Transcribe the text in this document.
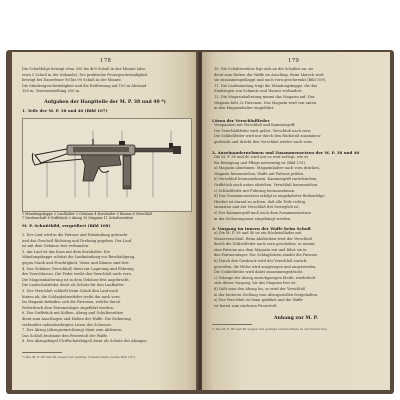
178
Die Schußfolge beträgt etwa 350 bis 400 Schuß in der Minute (also
etwa 5 Schuß in der Sekunde). Die praktische Feuergeschwindigkeit
beträgt bei Dauerfeuer 80 bis 90 Schuß in der Minute.
Die Mindestgeschwindigkeit und die Entfernung auf 100 m Abstand
100 m, Visiereinstellung 200 m.
Aufgaben der Hauptteile der M. P. 38 und 40 *)
1. Teile der M. P. 38 und 40 (Bild 107)
1 Mündungskappe 2 Laufhalter 3 Gehäuse 4 Kornhalter 5 Kimme 6 Verschluß
7 Vorderschaft 8 Griffstück 9 Abzug 10 Magazin 11 Schulterstütze
M. P. Schnittbild, vergrößert (Bild 108)
2. Der Lauf wird in die Patrone und Entzündung gebracht
und das Geschoß Richtung und Drehung gegeben. Der Lauf
ist mit dem Gehäuse fest verbunden.
3. Am Lauf ist das Korn mit dem Kornhalter. Die
Mündungskappe schützt die Laufmündung vor Beschädigung,
gegen Staub und Feuchtigkeit. Visier und Kimme sind fest.
4. Das Gehäuse (Verschluß) dient zur Lagerung und Führung
des Verschlusses. Die Feder treibt den Verschluß nach vorn.
Die Magazinhalterung ist in dem Gehäuse fest angebracht.
Die Laufschutzfeder dient als Schutz für den Laufhalter.
5. Der Verschluß schließt beim Schuß den Lauf nach
hinten ab, die Schlagbolzenfeder treibt ihn nach vorn.
Im Magazin befinden sich die Patronen, welche durch
Federdruck dem Patronenlager zugeführt werden.
6. Das Griffstück mit Kolben, Abzug und Schulterstütze
dient zum Anschlagen und Halten der Waffe. Die Sicherung
verhindert unbeabsichtigtes Lösen des Schusses.
7. Der Abzug (Abzugseinrichtung) dient zum Abfeuern.
Das Schloß bestimmt den Feuerstoß der Waffe.
8. Der Abzugsbügel (Griffschutzbügel) dient als Schutz des Abzuges.
*) Die M. P. 38 und 40 zeigen nur geringe Unterschiede (siehe Bild 107).
179
10. Die Schulterstütze legt sich an die Schulter an, sie
dient zum Halten der Waffe im Anschlag. Beim Marsch wird
sie zusammengeklappt und nach vorn geschwenkt (Bild 109).
11. Die Laufmündung trägt die Mündungskappe, die das
Eindringen von Schmutz und Wasser verhindert.
12. Die Magazinhalterung nimmt das Magazin auf. Das
Magazin faßt 32 Patronen. Das Magazin wird von unten
in den Magazinhalter eingeführt.
Lösen der Verschlußfeder
Vorspannen mit Verschluß und Kammergriff.
Die Verschlußfeder wird gelöst, Verschluß nach vorn.
Die Schließfeder wird nur durch den Rückstoß zusammen-
gedrückt und drückt den Verschluß wieder nach vorn.
2. Auseinandernehmen und Zusammensetzen der M. P. 38 und 40
Die M. P. 38 und 40 wird nur so weit zerlegt, wie es
für Reinigung und Pflege notwendig ist (Bild 110).
a) Magazin abnehmen: Magazinhalter nach vorn drücken,
Magazin herausziehen, Waffe auf Patrone prüfen.
b) Verschluß herausnehmen: Kammergriff zurückziehen,
Griffstück nach unten abziehen, Verschluß herausziehen.
c) Schließfeder mit Führung herausnehmen.
d) Das Zusammensetzen erfolgt in umgekehrter Reihenfolge.
Hierbei ist darauf zu achten, daß alle Teile richtig
einrasten und der Verschluß frei beweglich ist.
e) Der Kammergriff muß nach dem Zusammensetzen
in der Sicherungsrast eingehängt werden.
3. Vorgang im Innern der Waffe beim Schuß
a) Die M. P. 38 und 40 ist ein Rückstoßlader mit
Masseverschluß. Beim Abdrücken wird der Verschluß
durch die Schließfeder nach vorn geschoben, er nimmt
eine Patrone aus dem Magazin mit und führt sie in
das Patronenlager. Der Schlagbolzen zündet die Patrone.
b) Durch den Gasdruck wird der Verschluß zurück-
geworfen, die Hülse wird ausgezogen und ausgeworfen.
Die Schließfeder wird dabei zusammengedrückt.
c) Solange der Abzug zurückgezogen bleibt, wiederholt
sich dieser Vorgang, bis das Magazin leer ist.
d) Läßt man den Abzug los, so wird der Verschluß
in der hinteren Stellung vom Abzugsstollen festgehalten.
e) Der Verschluß ist dann geöffnet und die Waffe
ist bereit zum nächsten Feuerstoß.
Anhang zur M. P.
*) Die M. P. 38 und 40 zeigen nur geringe Unterschiede in der Sicherung.
